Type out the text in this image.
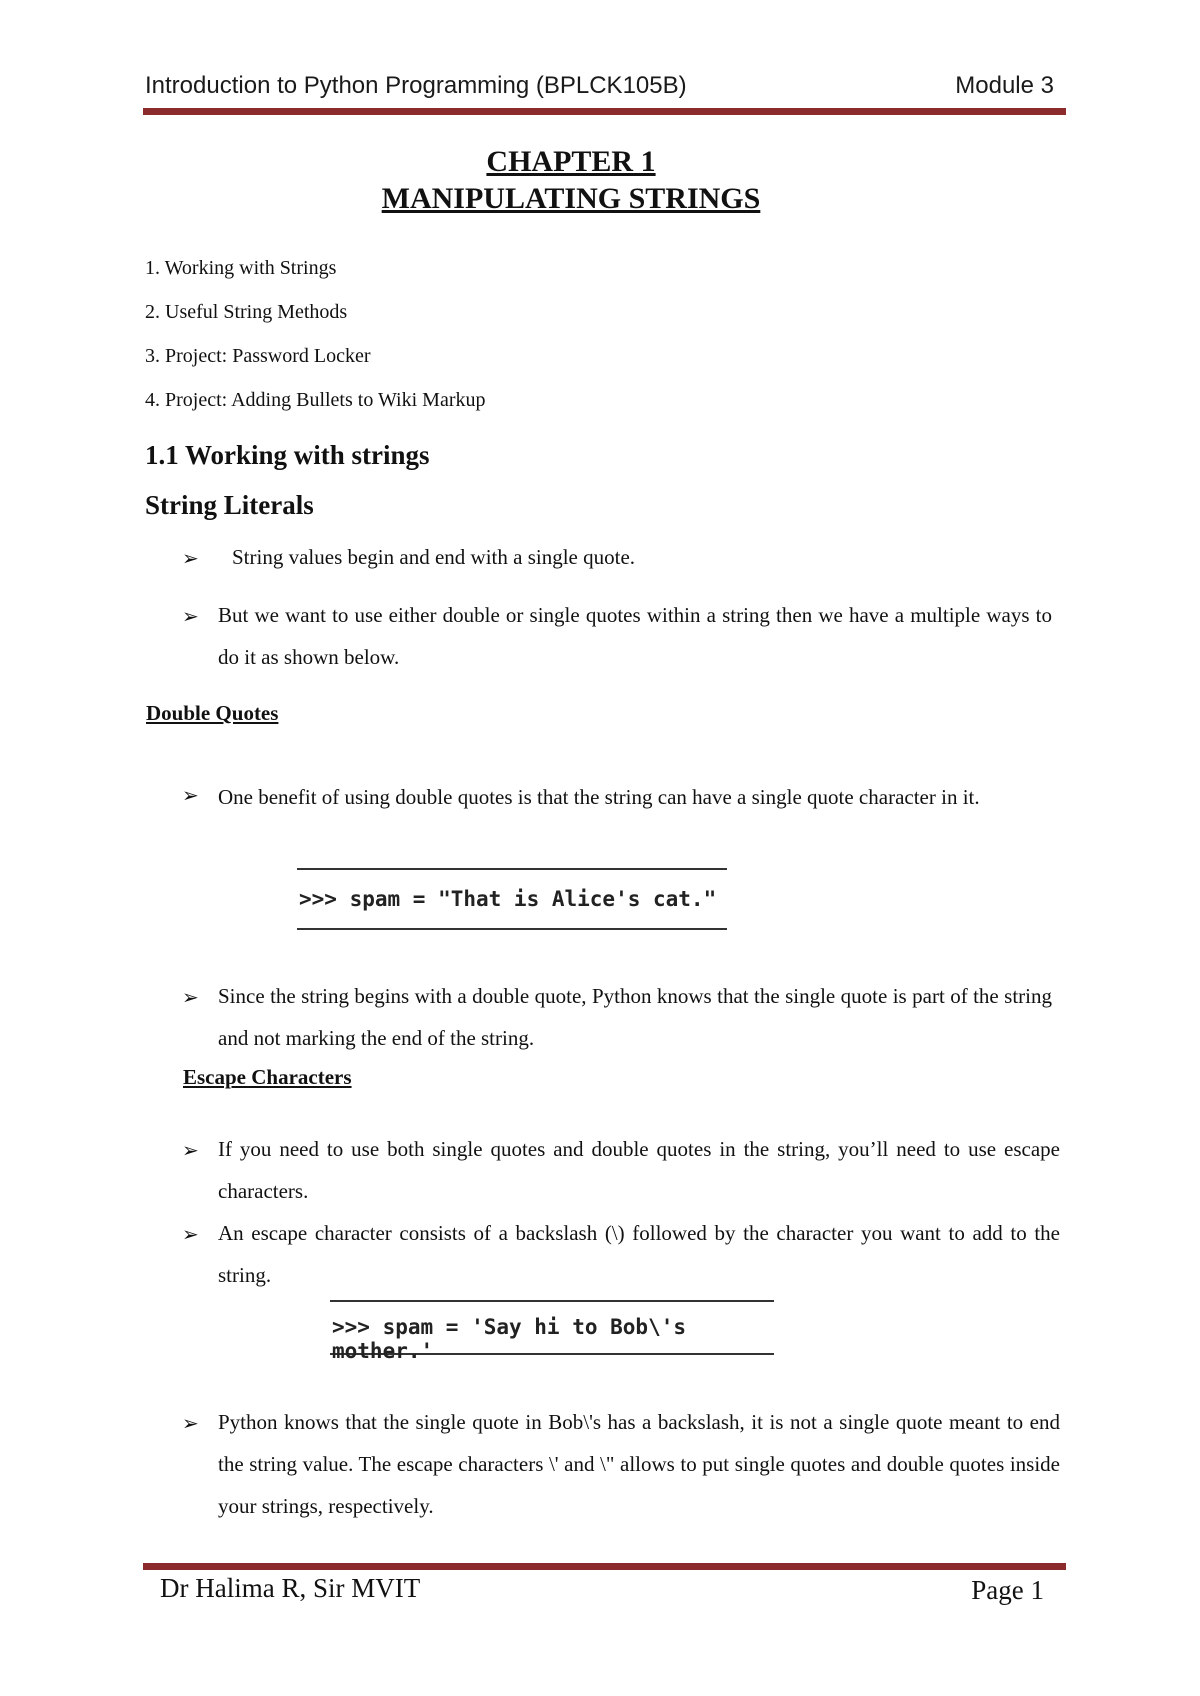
Introduction to Python Programming (BPLCK105B)	Module 3
CHAPTER 1
MANIPULATING STRINGS
1. Working with Strings
2. Useful String Methods
3. Project: Password Locker
4. Project: Adding Bullets to Wiki Markup
1.1 Working with strings
String Literals
➢ String values begin and end with a single quote.
➢ But we want to use either double or single quotes within a string then we have a multiple ways to do it as shown below.
Double Quotes
➢ One benefit of using double quotes is that the string can have a single quote character in it.
>>> spam = "That is Alice's cat."
➢ Since the string begins with a double quote, Python knows that the single quote is part of the string and not marking the end of the string.
Escape Characters
➢ If you need to use both single quotes and double quotes in the string, you’ll need to use escape characters.
➢ An escape character consists of a backslash (\) followed by the character you want to add to the string.
>>> spam = 'Say hi to Bob\'s mother.'
➢ Python knows that the single quote in Bob\'s has a backslash, it is not a single quote meant to end the string value. The escape characters \' and \" allows to put single quotes and double quotes inside your strings, respectively.
Dr Halima R, Sir MVIT	Page 1
